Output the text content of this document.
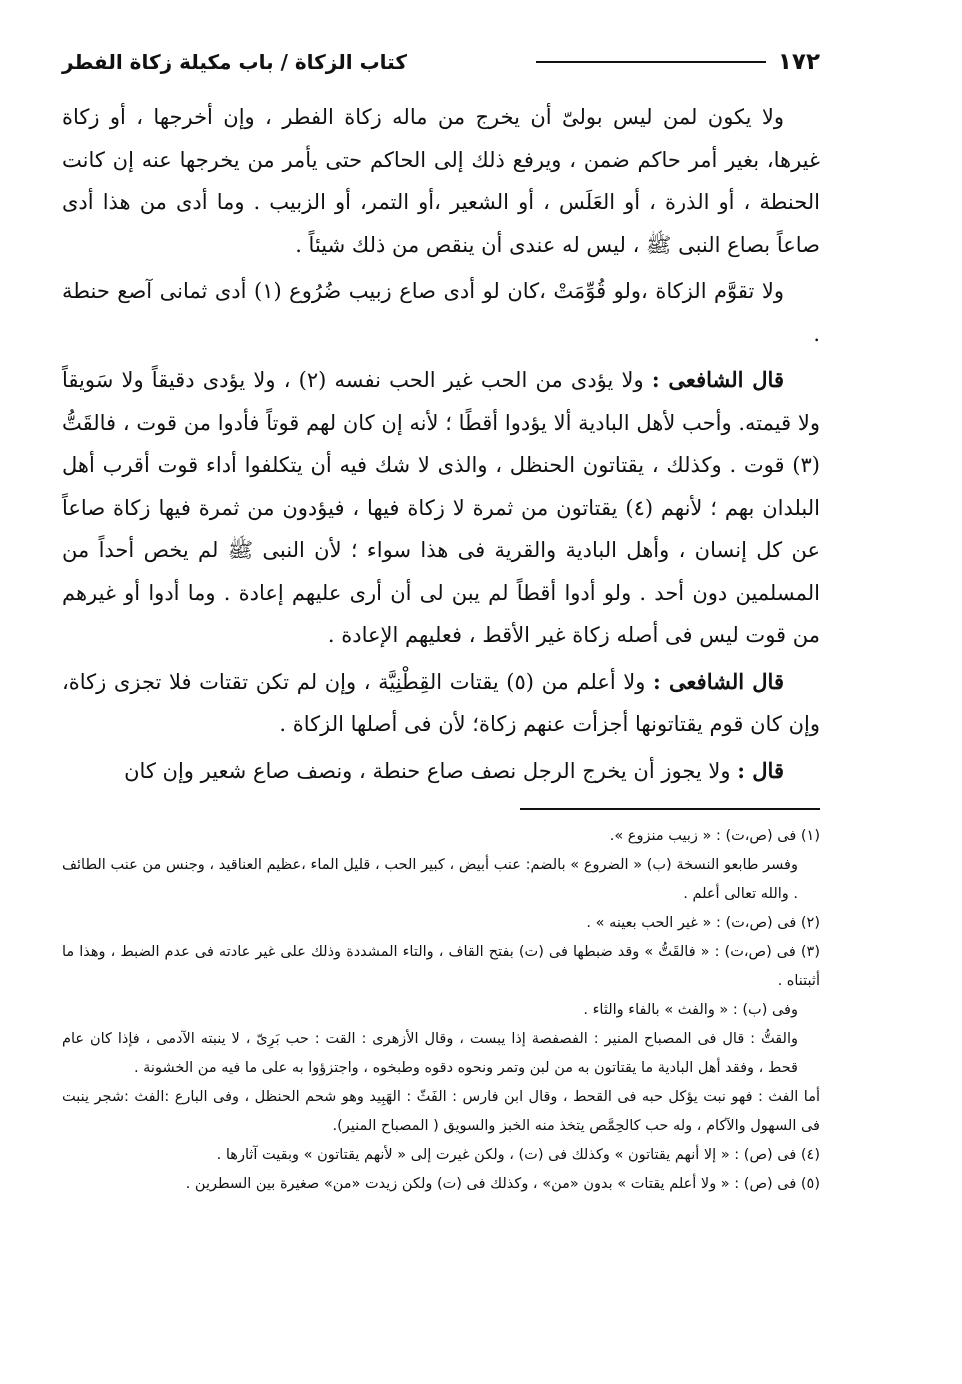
١٧٢
كتاب الزكاة / باب مكيلة زكاة الفطر

ولا يكون لمن ليس بولىّ أن يخرج من ماله زكاة الفطر ، وإن أخرجها ، أو زكاة غيرها، بغير أمر حاكم ضمن ، ويرفع ذلك إلى الحاكم حتى يأمر من يخرجها عنه إن كانت الحنطة ، أو الذرة ، أو العَلَس ، أو الشعير ،أو التمر، أو الزبيب . وما أدى من هذا أدى صاعاً بصاع النبى ﷺ ، ليس له عندى أن ينقص من ذلك شيئاً .

ولا تقوَّم الزكاة ،ولو قُوِّمَتْ ،كان لو أدى صاع زبيب ضُرُوع (١) أدى ثمانى آصع حنطة .

قال الشافعى : ولا يؤدى من الحب غير الحب نفسه (٢) ، ولا يؤدى دقيقاً ولا سَويقاً ولا قيمته. وأحب لأهل البادية ألا يؤدوا أقطًا ؛ لأنه إن كان لهم قوتاً فأدوا من قوت ، فالقَتُّ (٣) قوت . وكذلك ، يقتاتون الحنظل ، والذى لا شك فيه أن يتكلفوا أداء قوت أقرب أهل البلدان بهم ؛ لأنهم (٤) يقتاتون من ثمرة لا زكاة فيها ، فيؤدون من ثمرة فيها زكاة صاعاً عن كل إنسان ، وأهل البادية والقرية فى هذا سواء ؛ لأن النبى ﷺ لم يخص أحداً من المسلمين دون أحد . ولو أدوا أقطاً لم يبن لى أن أرى عليهم إعادة . وما أدوا أو غيرهم من قوت ليس فى أصله زكاة غير الأقط ، فعليهم الإعادة .

قال الشافعى : ولا أعلم من (٥) يقتات القِطْنِيَّة ، وإن لم تكن تقتات فلا تجزى زكاة، وإن كان قوم يقتاتونها أجزأت عنهم زكاة؛ لأن فى أصلها الزكاة .

قال : ولا يجوز أن يخرج الرجل نصف صاع حنطة ، ونصف صاع شعير وإن كان

(١) فى (ص،ت) : « زبيب منزوع ».

وفسر طابعو النسخة (ب) « الضروع » بالضم: عنب أبيض ، كبير الحب ، قليل الماء ،عظيم العناقيد ، وجنس من عنب الطائف . والله تعالى أعلم .

(٢) فى (ص،ت) : « غير الحب بعينه » .

(٣) فى (ص،ت) : « فالقَتُّ » وقد ضبطها فى (ت) بفتح القاف ، والتاء المشددة وذلك على غير عادته فى عدم الضبط ، وهذا ما أثبتناه .

وفى (ب) : « والفث » بالفاء والثاء .

والقتُّ : قال فى المصباح المنير : الفصفصة إذا يبست ، وقال الأزهرى : القت : حب بَرِىّ ، لا ينبته الآدمى ، فإذا كان عام قحط ، وفقد أهل البادية ما يقتاتون به من لبن وتمر ونحوه دقوه وطبخوه ، واجتزؤوا به على ما فيه من الخشونة .

أما الفث : فهو نبت يؤكل حبه فى القحط ، وقال ابن فارس : الفَثّ : الهَبِيد وهو شحم الحنظل ، وفى البارع :الفث :شجر ينبت فى السهول والآكام ، وله حب كالحِمَّص يتخذ منه الخبز والسويق ( المصباح المنير).

(٤) فى (ص) : « إلا أنهم يقتاتون » وكذلك فى (ت) ، ولكن غيرت إلى « لأنهم يقتاتون » وبقيت آثارها .

(٥) فى (ص) : « ولا أعلم يقتات » بدون «من» ، وكذلك فى (ت) ولكن زيدت «من» صغيرة بين السطرين .
